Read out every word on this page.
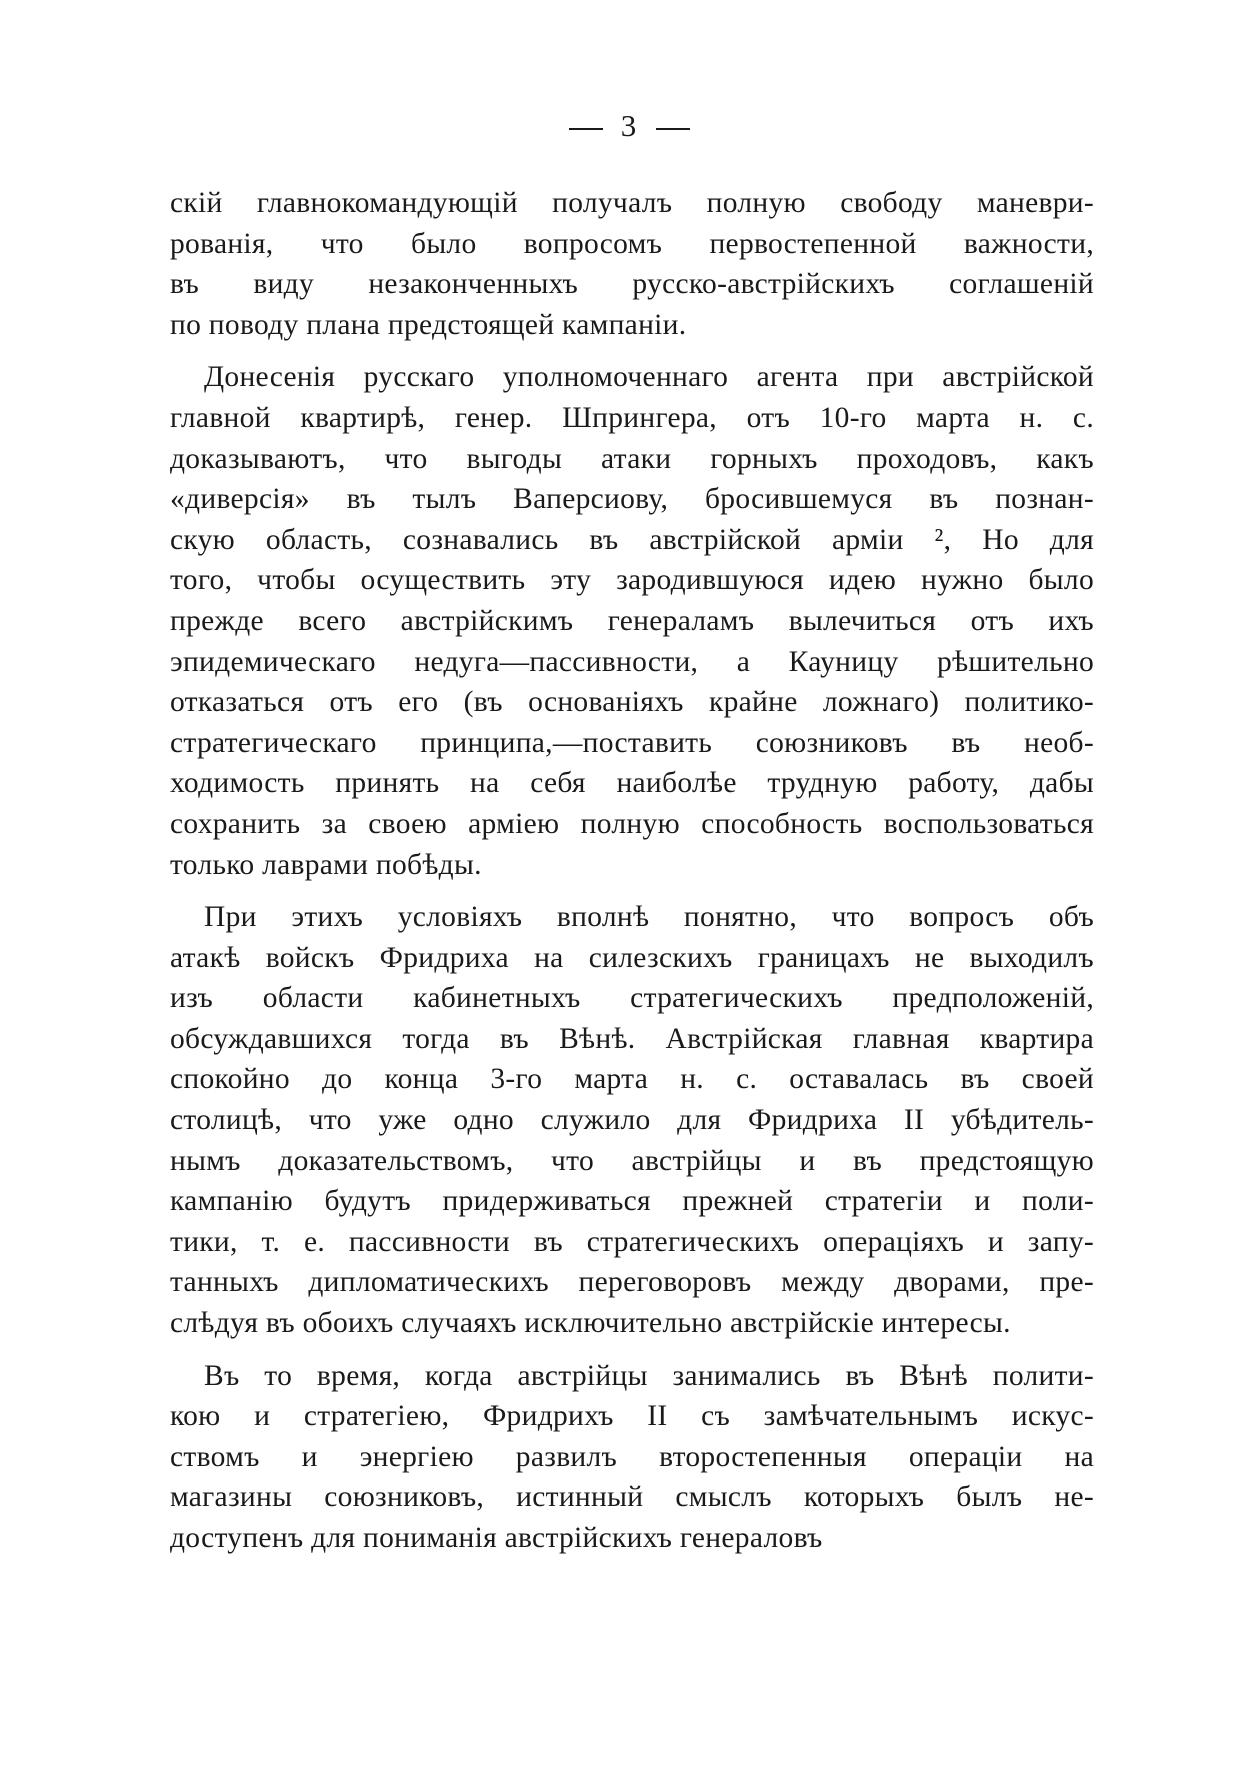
3
скій главнокомандующій получалъ полную свободу маневри-
рованія, что было вопросомъ первостепенной важности,
въ виду незаконченныхъ русско-австрійскихъ соглашеній
по поводу плана предстоящей кампаніи.
Донесенія русскаго уполномоченнаго агента при австрійской
главной квартирѣ, генер. Шпрингера, отъ 10-го марта н. с.
доказываютъ, что выгоды атаки горныхъ проходовъ, какъ
«диверсія» въ тылъ Ваперсиову, бросившемуся въ познан-
скую область, сознавались въ австрійской арміи ², Но для
того, чтобы осуществить эту зародившуюся идею нужно было
прежде всего австрійскимъ генераламъ вылечиться отъ ихъ
эпидемическаго недуга—пассивности, а Кауницу рѣшительно
отказаться отъ его (въ основаніяхъ крайне ложнаго) политико-
стратегическаго принципа,—поставить союзниковъ въ необ-
ходимость принять на себя наиболѣе трудную работу, дабы
сохранить за своею арміею полную способность воспользоваться
только лаврами побѣды.
При этихъ условіяхъ вполнѣ понятно, что вопросъ объ
атакѣ войскъ Фридриха на силезскихъ границахъ не выходилъ
изъ области кабинетныхъ стратегическихъ предположеній,
обсуждавшихся тогда въ Вѣнѣ. Австрійская главная квартира
спокойно до конца 3-го марта н. с. оставалась въ своей
столицѣ, что уже одно служило для Фридриха II убѣдитель-
нымъ доказательствомъ, что австрійцы и въ предстоящую
кампанію будутъ придерживаться прежней стратегіи и поли-
тики, т. е. пассивности въ стратегическихъ операціяхъ и запу-
танныхъ дипломатическихъ переговоровъ между дворами, пре-
слѣдуя въ обоихъ случаяхъ исключительно австрійскіе интересы.
Въ то время, когда австрійцы занимались въ Вѣнѣ полити-
кою и стратегіею, Фридрихъ II съ замѣчательнымъ искус-
ствомъ и энергіею развилъ второстепенныя операціи на
магазины союзниковъ, истинный смыслъ которыхъ былъ не-
доступенъ для пониманія австрійскихъ генераловъ
